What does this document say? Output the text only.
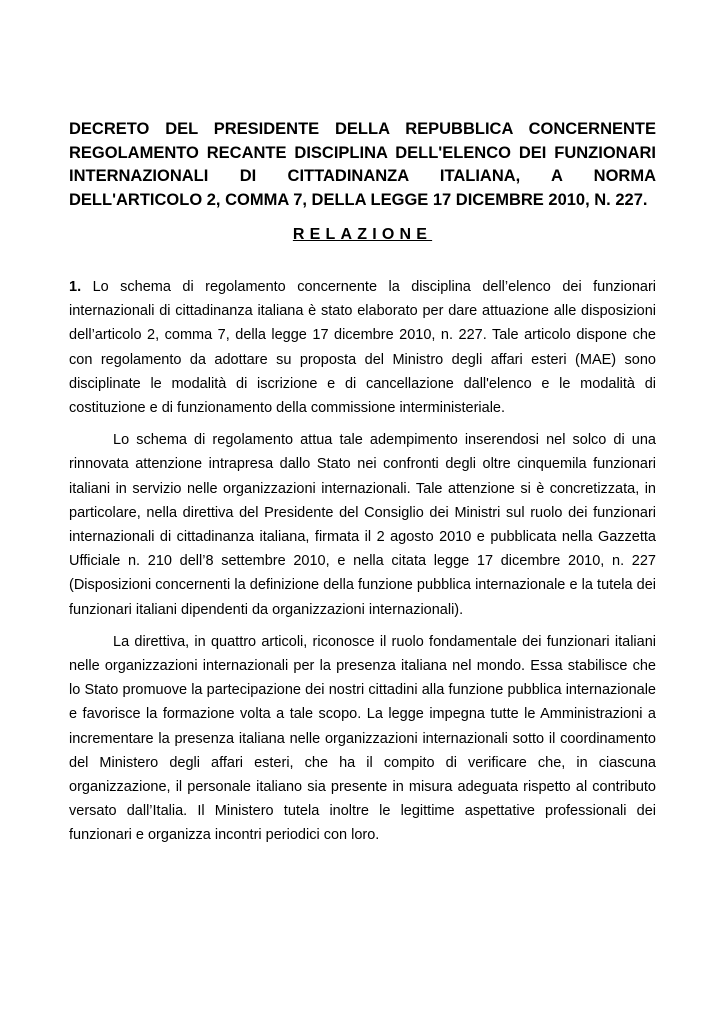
DECRETO DEL PRESIDENTE DELLA REPUBBLICA CONCERNENTE REGOLAMENTO RECANTE DISCIPLINA DELL'ELENCO DEI FUNZIONARI INTERNAZIONALI DI CITTADINANZA ITALIANA, A NORMA DELL'ARTICOLO 2, COMMA 7, DELLA LEGGE 17 DICEMBRE 2010, N. 227.

RELAZIONE

1. Lo schema di regolamento concernente la disciplina dell’elenco dei funzionari internazionali di cittadinanza italiana è stato elaborato per dare attuazione alle disposizioni dell’articolo 2, comma 7, della legge 17 dicembre 2010, n. 227. Tale articolo dispone che con regolamento da adottare su proposta del Ministro degli affari esteri (MAE) sono disciplinate le modalità di iscrizione e di cancellazione dall'elenco e le modalità di costituzione e di funzionamento della commissione interministeriale.

Lo schema di regolamento attua tale adempimento inserendosi nel solco di una rinnovata attenzione intrapresa dallo Stato nei confronti degli oltre cinquemila funzionari italiani in servizio nelle organizzazioni internazionali. Tale attenzione si è concretizzata, in particolare, nella direttiva del Presidente del Consiglio dei Ministri sul ruolo dei funzionari internazionali di cittadinanza italiana, firmata il 2 agosto 2010 e pubblicata nella Gazzetta Ufficiale n. 210 dell’8 settembre 2010, e nella citata legge 17 dicembre 2010, n. 227 (Disposizioni concernenti la definizione della funzione pubblica internazionale e la tutela dei funzionari italiani dipendenti da organizzazioni internazionali).

La direttiva, in quattro articoli, riconosce il ruolo fondamentale dei funzionari italiani nelle organizzazioni internazionali per la presenza italiana nel mondo. Essa stabilisce che lo Stato promuove la partecipazione dei nostri cittadini alla funzione pubblica internazionale e favorisce la formazione volta a tale scopo. La legge impegna tutte le Amministrazioni a incrementare la presenza italiana nelle organizzazioni internazionali sotto il coordinamento del Ministero degli affari esteri, che ha il compito di verificare che, in ciascuna organizzazione, il personale italiano sia presente in misura adeguata rispetto al contributo versato dall’Italia. Il Ministero tutela inoltre le legittime aspettative professionali dei funzionari e organizza incontri periodici con loro.
